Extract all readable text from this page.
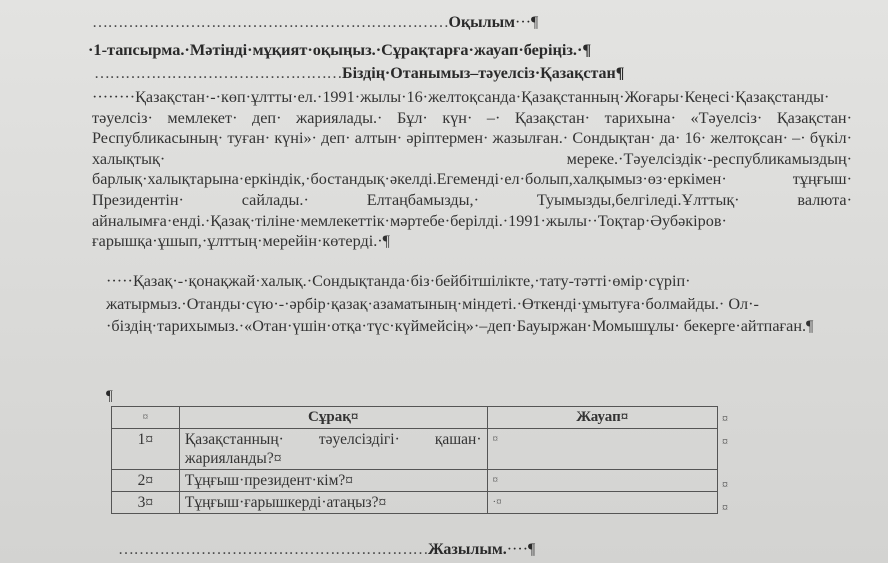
……………………………………………………………Оқылым···¶
·1-тапсырма.·Мәтінді·мұқият·оқыңыз.·Сұрақтарға·жауап·беріңіз.·¶
…………………………………………Біздің·Отанымыз–тәуелсіз·Қазақстан¶
········Қазақстан·-·көп·ұлтты·ел.·1991·жылы·16·желтоқсанда·Қазақстанның·Жоғары·Кеңесі·Қазақстанды· тәуелсіз· мемлекет· деп· жариялады.· Бұл· күн· –· Қазақстан· тарихына· «Тәуелсіз· Қазақстан· Республикасының· туған· күні»· деп· алтын· әріптермен· жазылған.· Сондықтан· да· 16· желтоқсан· –· бүкіл· халықтық· мереке.·Тәуелсіздік·-республикамыздың· барлық·халықтарына·еркіндік,·бостандық·әкелді.Егемендi·ел·болып,халқымыз·өз·еркімен· тұңғыш· Президентін· сайлады.· Елтаңбамызды,· Туымызды,белгіледі.Ұлттық· валюта· айналымға·енді.·Қазақ·тіліне·мемлекеттік·мәртебе·берілді.·1991·жылы··Тоқтар·Әубәкіров· ғарышқа·ұшып,·ұлттың·мерейін·көтерді.·¶
·····Қазақ·-·қонақжай·халық.·Сондықтанда·біз·бейбітшілікте,·тату-тәтті·өмір·сүріп· жатырмыз.·Отанды·сүю·-·әрбір·қазақ·азаматының·міндеті.·Өткенді·ұмытуға·болмайды.· Ол·-·біздің·тарихымыз.·«Отан·үшін·отқа·түс·күймейсің»·–деп·Бауыржан·Момышұлы· бекерге·айтпаған.¶
¶
¤	Сұрақ¤	Жауап¤
1¤	Қазақстанның· тәуелсіздігі· қашан· жарияланды?¤	¤
2¤	Тұңғыш·президент·кім?¤	¤
3¤	Тұңғыш·ғарышкерді·атаңыз?¤	·¤
¤
¤
¤
¤
……………………………………………………Жазылым.····¶
